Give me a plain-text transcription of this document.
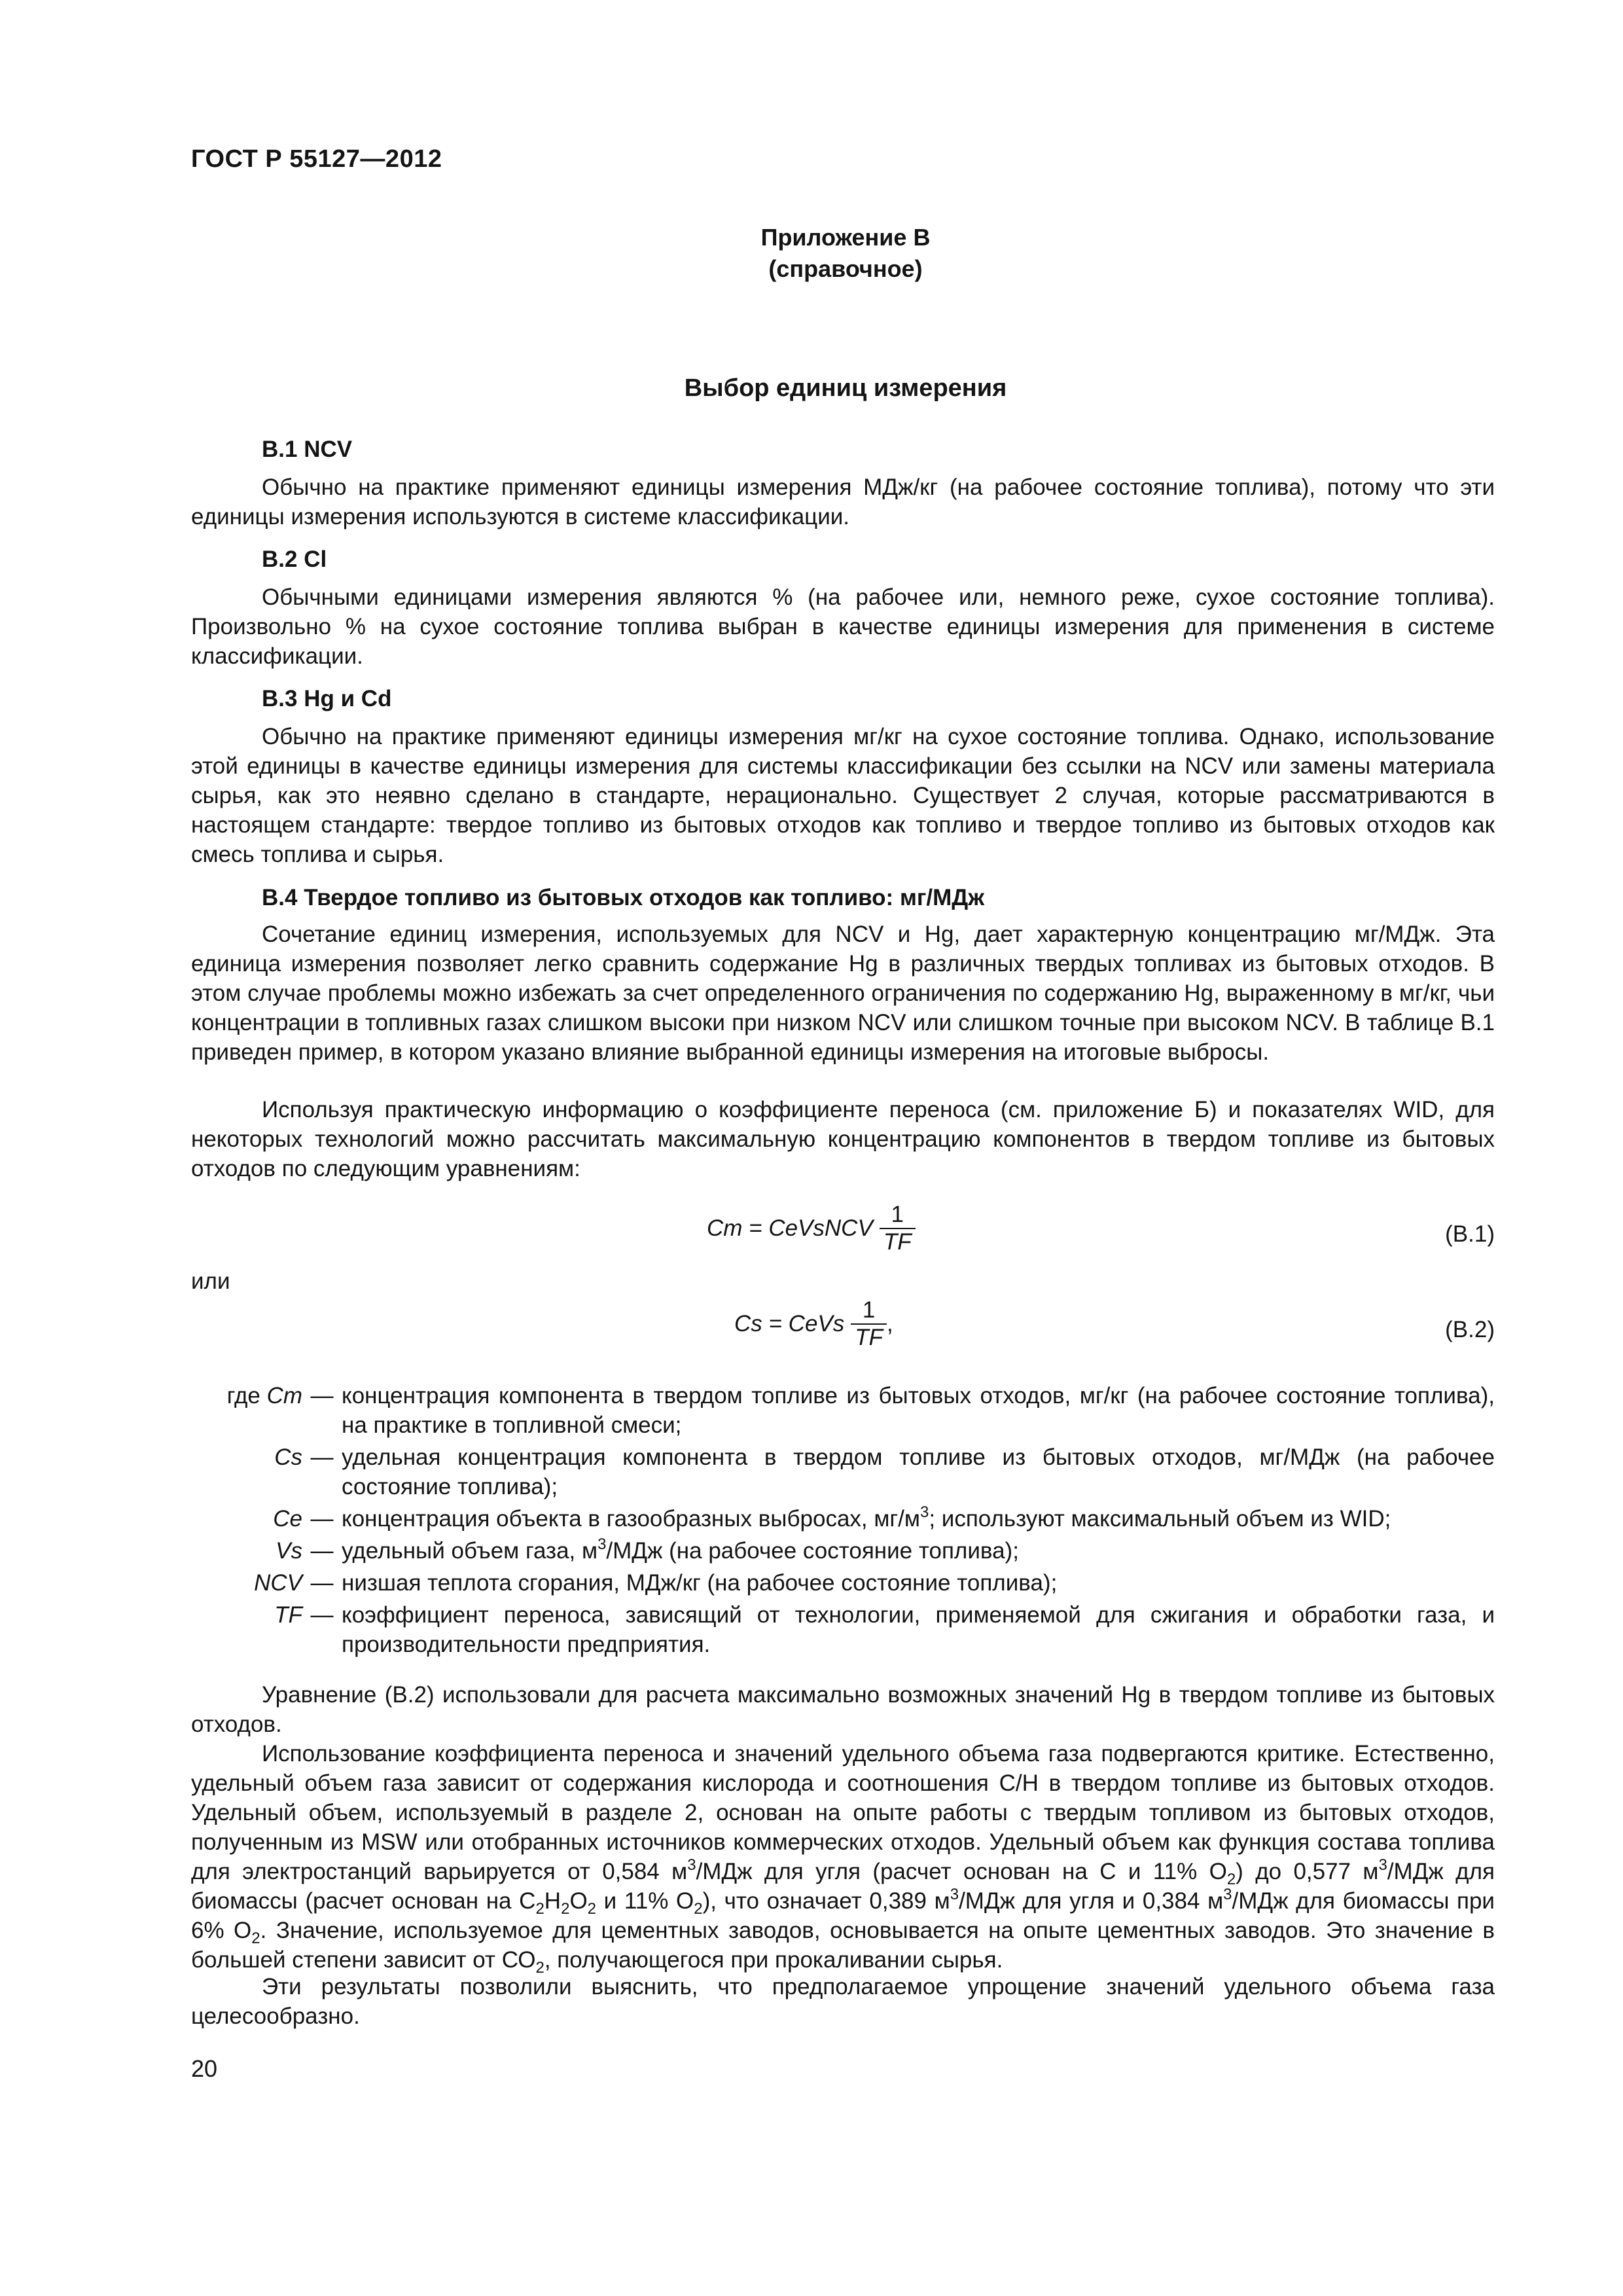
ГОСТ Р 55127—2012
Приложение В
(справочное)
Выбор единиц измерения
В.1 NCV
Обычно на практике применяют единицы измерения МДж/кг (на рабочее состояние топлива), потому что эти единицы измерения используются в системе классификации.
В.2 Cl
Обычными единицами измерения являются % (на рабочее или, немного реже, сухое состояние топлива). Произвольно % на сухое состояние топлива выбран в качестве единицы измерения для применения в системе классификации.
В.3 Hg и Cd
Обычно на практике применяют единицы измерения мг/кг на сухое состояние топлива. Однако, использование этой единицы в качестве единицы измерения для системы классификации без ссылки на NCV или замены материала сырья, как это неявно сделано в стандарте, нерационально. Существует 2 случая, которые рассматриваются в настоящем стандарте: твердое топливо из бытовых отходов как топливо и твердое топливо из бытовых отходов как смесь топлива и сырья.
В.4 Твердое топливо из бытовых отходов как топливо: мг/МДж
Сочетание единиц измерения, используемых для NCV и Hg, дает характерную концентрацию мг/МДж. Эта единица измерения позволяет легко сравнить содержание Hg в различных твердых топливах из бытовых отходов. В этом случае проблемы можно избежать за счет определенного ограничения по содержанию Hg, выраженному в мг/кг, чьи концентрации в топливных газах слишком высоки при низком NCV или слишком точные при высоком NCV. В таблице В.1 приведен пример, в котором указано влияние выбранной единицы измерения на итоговые выбросы.
Используя практическую информацию о коэффициенте переноса (см. приложение Б) и показателях WID, для некоторых технологий можно рассчитать максимальную концентрацию компонентов в твердом топливе из бытовых отходов по следующим уравнениям:
Cm = CeVsNCV $\frac{1}{TF}$	(В.1)
или
Cs = CeVs $\frac{1}{TF}$ ,	(В.2)
где Cm — концентрация компонента в твердом топливе из бытовых отходов, мг/кг (на рабочее состояние топлива), на практике в топливной смеси;
Cs — удельная концентрация компонента в твердом топливе из бытовых отходов, мг/МДж (на рабочее состояние топлива);
Ce — концентрация объекта в газообразных выбросах, $мг/м^3$; используют максимальный объем из WID;
Vs — удельный объем газа, $м^3$/МДж (на рабочее состояние топлива);
NCV — низшая теплота сгорания, МДж/кг (на рабочее состояние топлива);
TF — коэффициент переноса, зависящий от технологии, применяемой для сжигания и обработки газа, и производительности предприятия.
Уравнение (В.2) использовали для расчета максимально возможных значений Hg в твердом топливе из бытовых отходов.
Использование коэффициента переноса и значений удельного объема газа подвергаются критике. Естественно, удельный объем газа зависит от содержания кислорода и соотношения С/Н в твердом топливе из бытовых отходов. Удельный объем, используемый в разделе 2, основан на опыте работы с твердым топливом из бытовых отходов, полученным из MSW или отобранных источников коммерческих отходов. Удельный объем как функция состава топлива для электростанций варьируется от 0,584 $м^3$/МДж для угля (расчет основан на С и 11% $О_2$) до 0,577 $м^3$/МДж для биомассы (расчет основан на $С_2Н_2О_2$ и 11% $О_2$), что означает 0,389 $м^3$/МДж для угля и 0,384 $м^3$/МДж для биомассы при 6% $О_2$. Значение, используемое для цементных заводов, основывается на опыте цементных заводов. Это значение в большей степени зависит от $СО_2$, получающегося при прокаливании сырья.
Эти результаты позволили выяснить, что предполагаемое упрощение значений удельного объема газа целесообразно.
20
